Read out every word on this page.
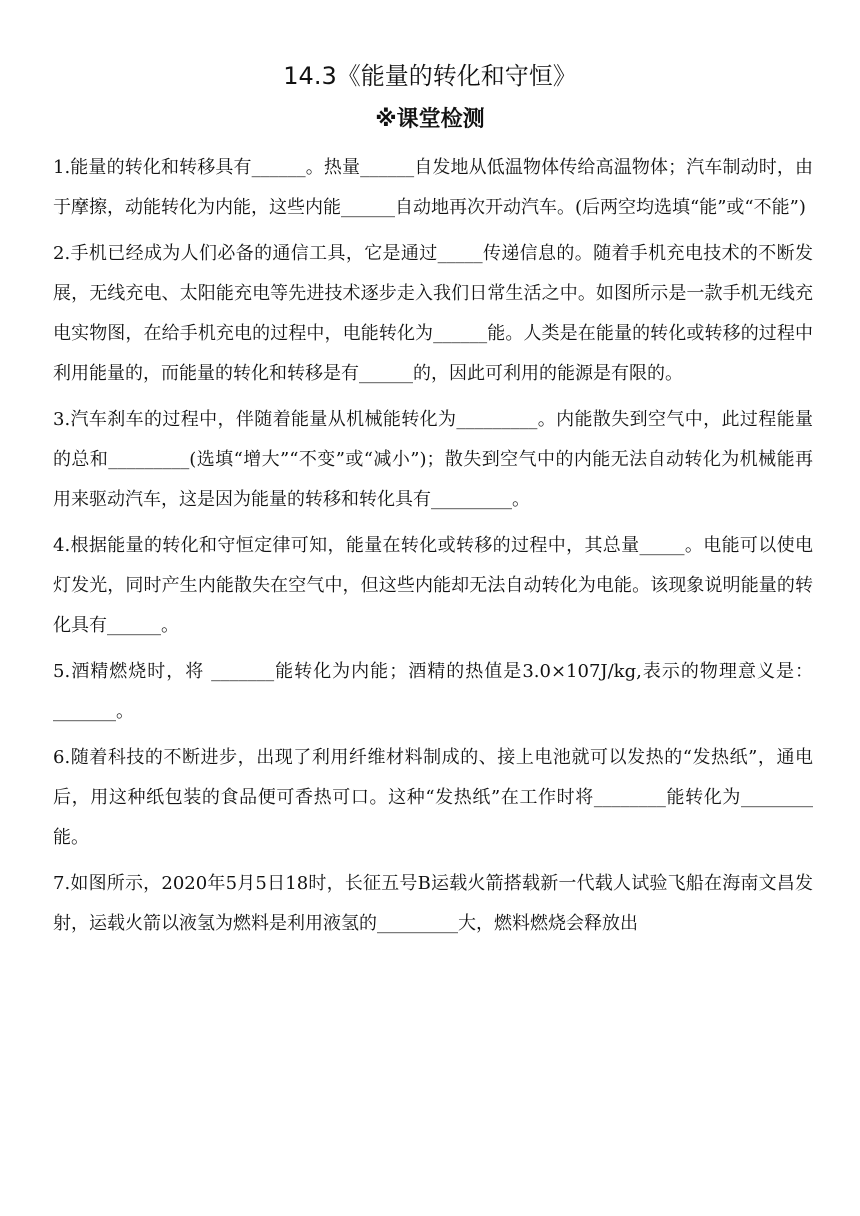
14.3《能量的转化和守恒》
※课堂检测

1.能量的转化和转移具有______。热量______自发地从低温物体传给高温物体；汽车制动时，由于摩擦，动能转化为内能，这些内能______自动地再次开动汽车。(后两空均选填“能”或“不能”)

2.手机已经成为人们必备的通信工具，它是通过_____传递信息的。随着手机充电技术的不断发展，无线充电、太阳能充电等先进技术逐步走入我们日常生活之中。如图所示是一款手机无线充电实物图，在给手机充电的过程中，电能转化为______能。人类是在能量的转化或转移的过程中利用能量的，而能量的转化和转移是有______的，因此可利用的能源是有限的。

3.汽车刹车的过程中，伴随着能量从机械能转化为_________。内能散失到空气中，此过程能量的总和_________(选填“增大”“不变”或“减小”)；散失到空气中的内能无法自动转化为机械能再用来驱动汽车，这是因为能量的转移和转化具有_________。

4.根据能量的转化和守恒定律可知，能量在转化或转移的过程中，其总量_____。电能可以使电灯发光，同时产生内能散失在空气中，但这些内能却无法自动转化为电能。该现象说明能量的转化具有______。

5.酒精燃烧时，将 _______能转化为内能；酒精的热值是3.0×107J/kg,表示的物理意义是：_______。

6.随着科技的不断进步，出现了利用纤维材料制成的、接上电池就可以发热的“发热纸”，通电后，用这种纸包装的食品便可香热可口。这种“发热纸”在工作时将________能转化为________能。

7.如图所示，2020年5月5日18时，长征五号B运载火箭搭载新一代载人试验飞船在海南文昌发射，运载火箭以液氢为燃料是利用液氢的_________大，燃料燃烧会释放出
